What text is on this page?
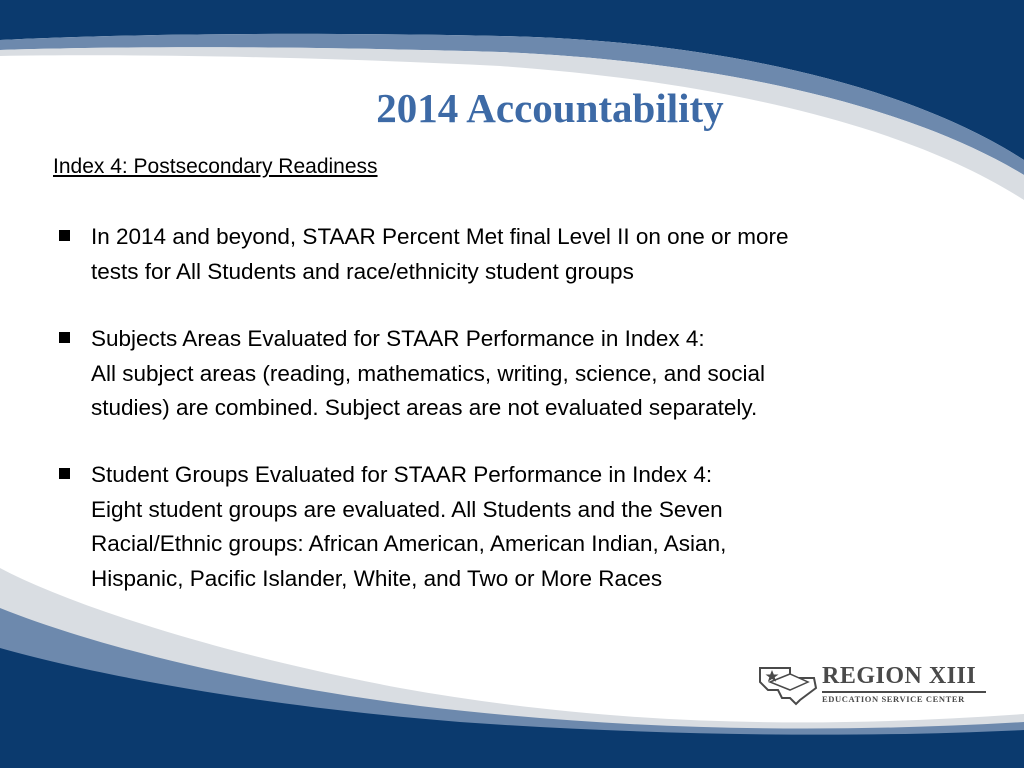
2014 Accountability
Index 4: Postsecondary Readiness
In 2014 and beyond, STAAR Percent Met final Level II on one or more
tests for All Students and race/ethnicity student groups
Subjects Areas Evaluated for STAAR Performance in Index 4:
All subject areas (reading, mathematics, writing, science, and social
studies) are combined. Subject areas are not evaluated separately.
Student Groups Evaluated for STAAR Performance in Index 4:
Eight student groups are evaluated. All Students and the Seven
Racial/Ethnic groups: African American, American Indian, Asian,
Hispanic, Pacific Islander, White, and Two or More Races
REGION XIII
EDUCATION SERVICE CENTER
